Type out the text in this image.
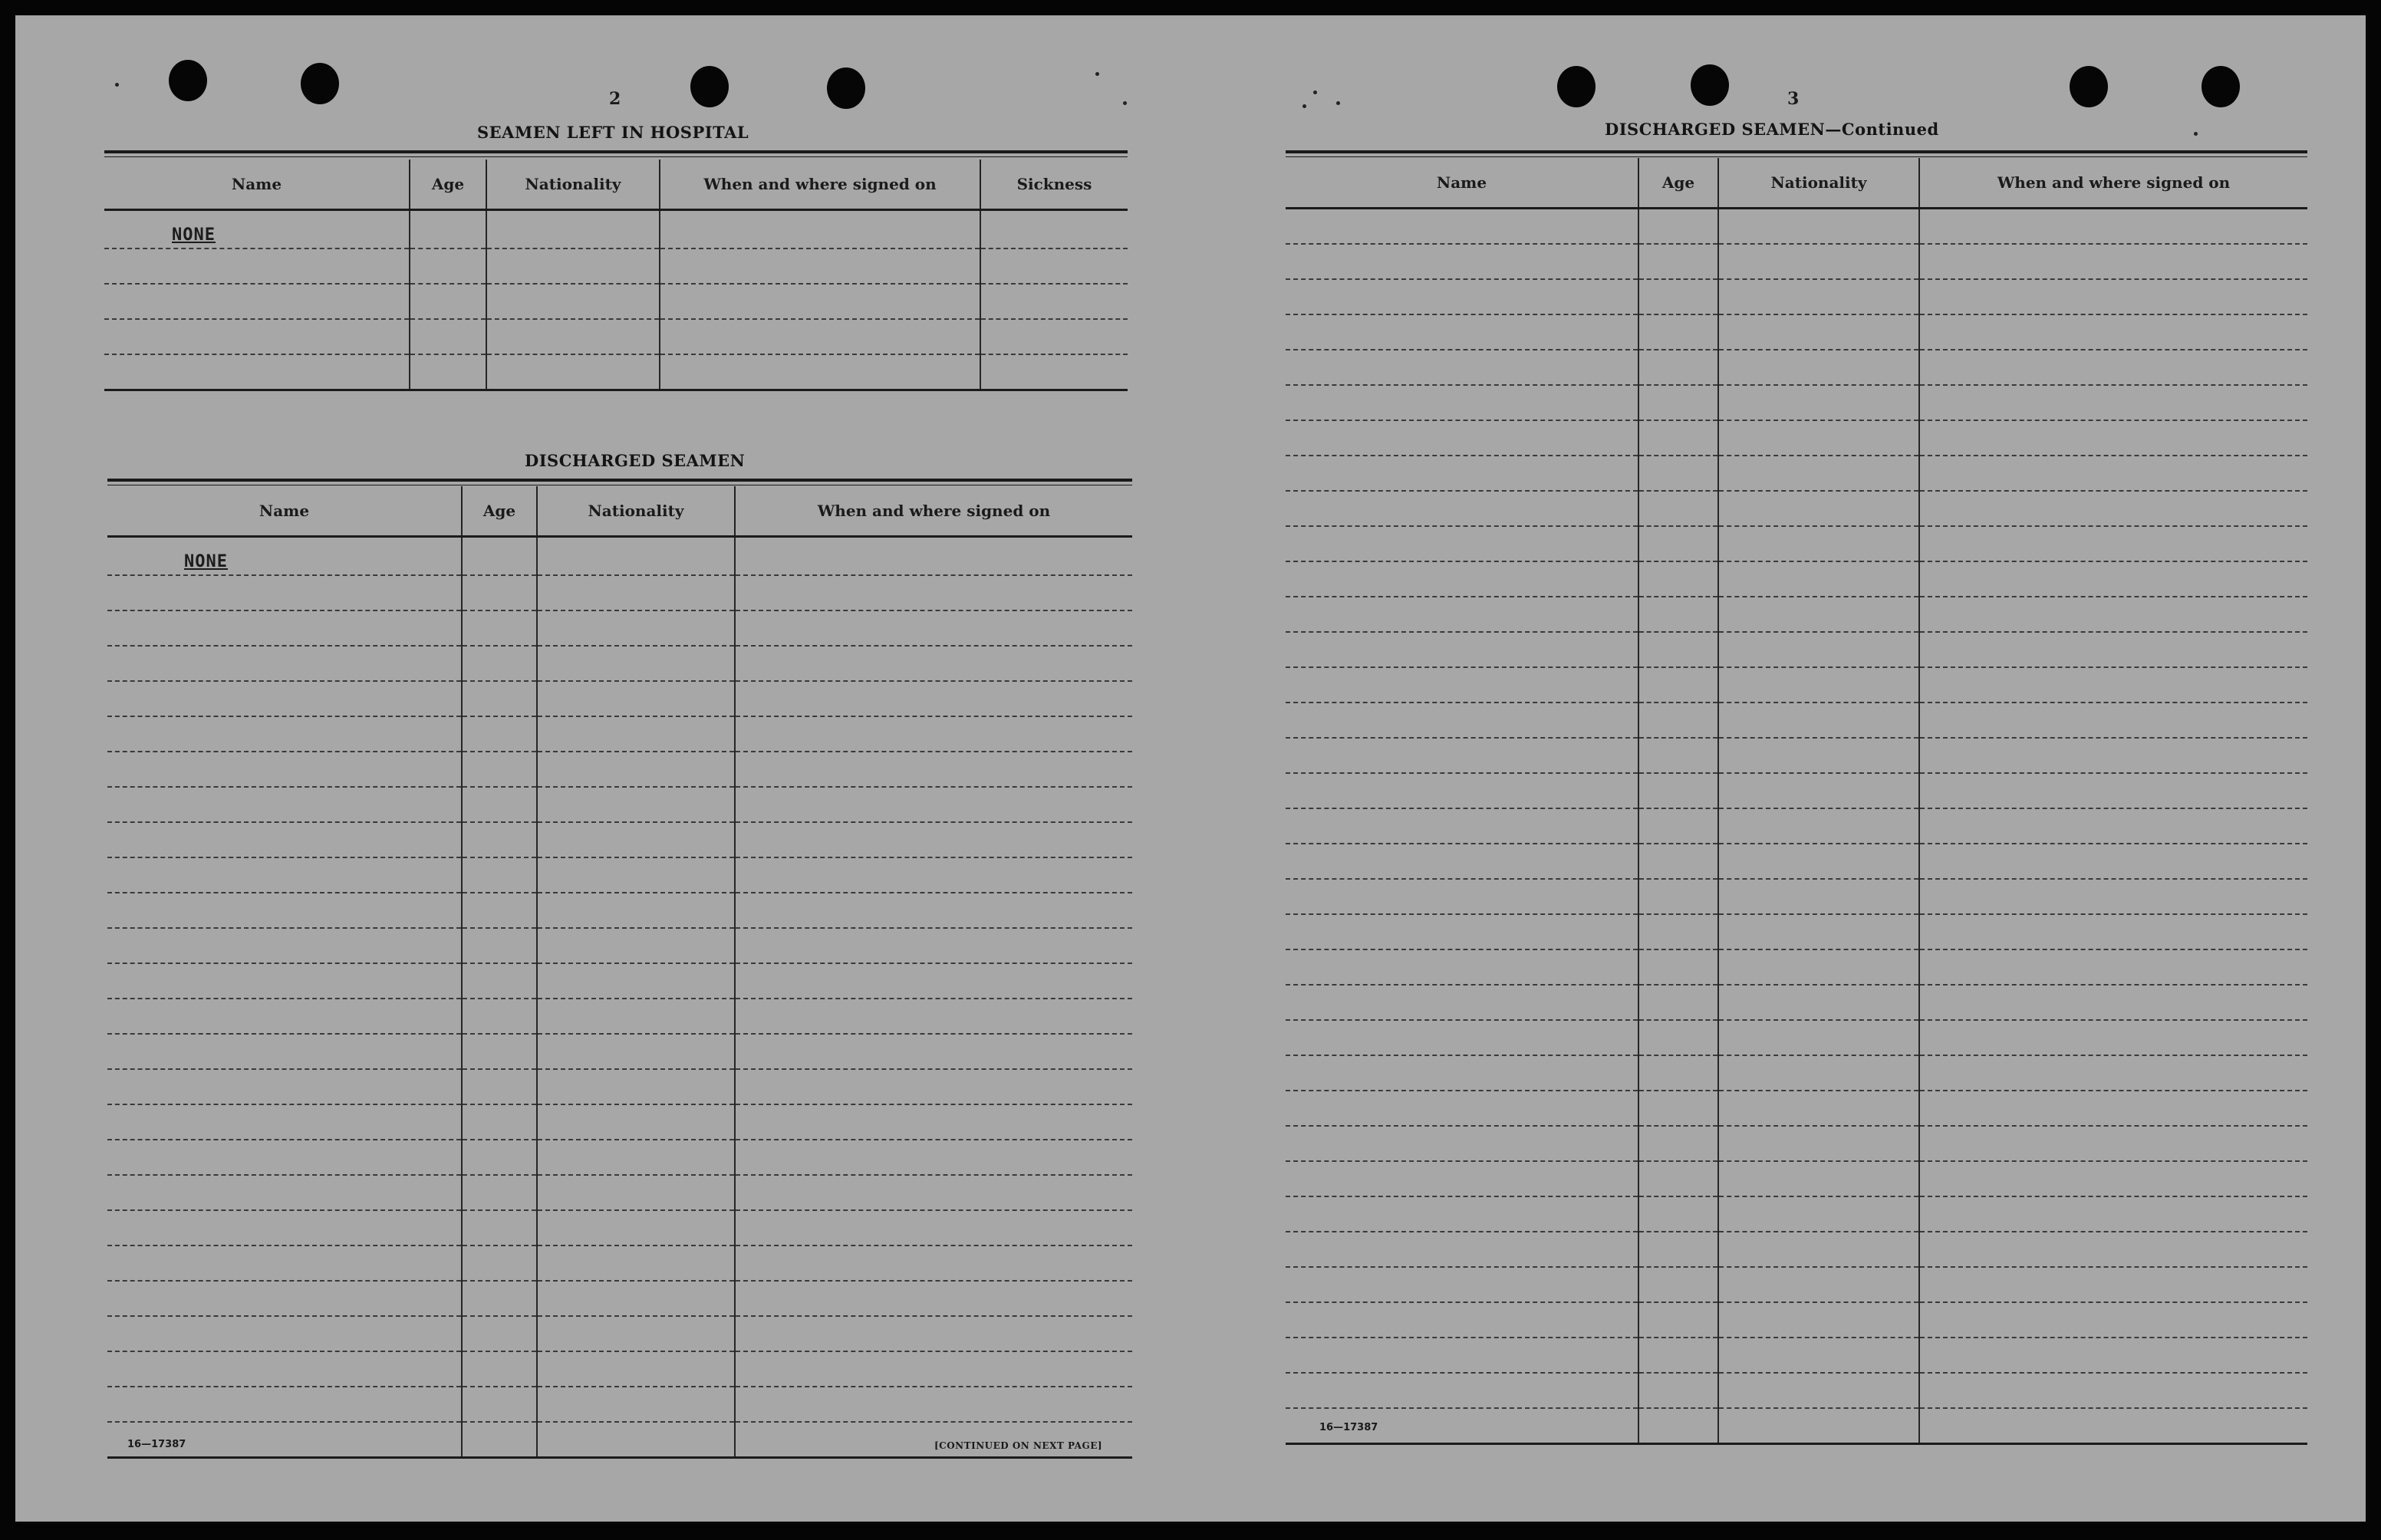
2
SEAMEN LEFT IN HOSPITAL
Name	Age	Nationality	When and where signed on	Sickness
NONE				

DISCHARGED SEAMEN
Name	Age	Nationality	When and where signed on
NONE			

16—17387	[CONTINUED ON NEXT PAGE]
3
DISCHARGED SEAMEN—Continued
Name	Age	Nationality	When and where signed on

16—17387
